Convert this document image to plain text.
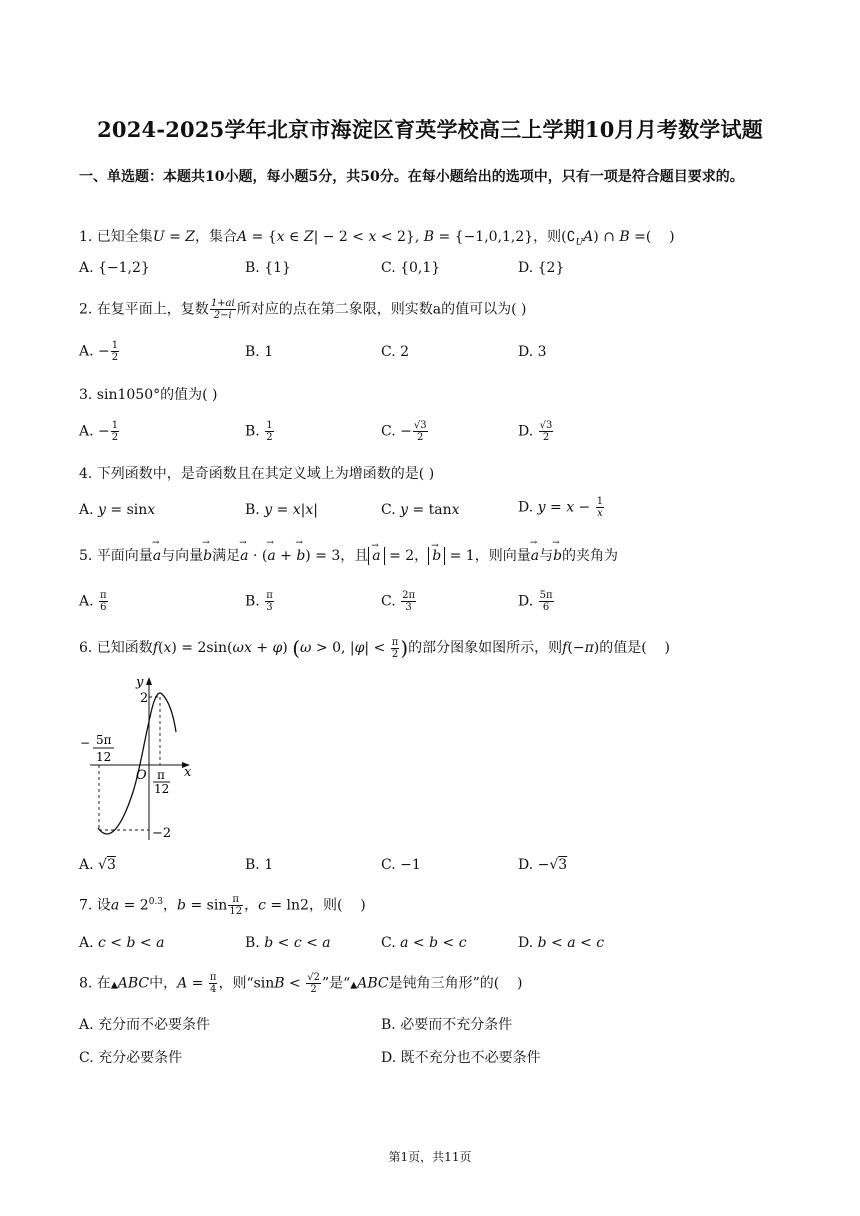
2024-2025学年北京市海淀区育英学校高三上学期10月月考数学试题
一、单选题：本题共10小题，每小题5分，共50分。在每小题给出的选项中，只有一项是符合题目要求的。
1. 已知全集U = Z，集合A = {x ∈ Z| − 2 < x < 2}, B = {−1,0,1,2}，则$(∁_UA)$ ∩ B =(    )
A. {−1,2}	B. {1}	C. {0,1}	D. {2}
2. 在复平面上，复数 $\frac{1+ai}{2-i}$ 所对应的点在第二象限，则实数a的值可以为( )
A. − $\frac{1}{2}$	B. 1	C. 2	D. 3
3. sin1050°的值为( )
A. − $\frac{1}{2}$	B. $\frac{1}{2}$	C. − $\frac{√3}{2}$	D. $\frac{√3}{2}$
4. 下列函数中，是奇函数且在其定义域上为增函数的是( )
A. y = sinx	B. y = x|x|	C. y = tanx	D. $y = x - \frac{1}{x}$
5. 平面向量→ a与向量→ b满足→ a · (→ a + → b) = 3，且 → a = 2， → b = 1，则向量→ a与→ b的夹角为
A. $\frac{\pi}{6}$	B. $\frac{\pi}{3}$	C. $\frac{2\pi}{3}$	D. $\frac{5\pi}{6}$
6. 已知函数f(x) = 2sin(ωx + φ) (ω > 0, $|\varphi| < \frac{\pi}{2}$ )的部分图象如图所示，则f(−π)的值是(    )
y
x
O
2
−2
− 5π
12
π
12
A. √3	B. 1	C. −1	D. −√3
7. 设$a = 2^{0.3}$，$b = \sin \frac{\pi}{12}$ ，c = ln2，则(    )
A. c < b < a	B. b < c < a	C. a < b < c	D. b < a < c
8. 在▲ABC中，$A = \frac{\pi}{4}$ ，则“$\sin B < \frac{√2}{2}$ ”是“▲ABC是钝角三角形”的(    )
A. 充分而不必要条件	B. 必要而不充分条件
C. 充分必要条件	D. 既不充分也不必要条件
第1页，共11页
